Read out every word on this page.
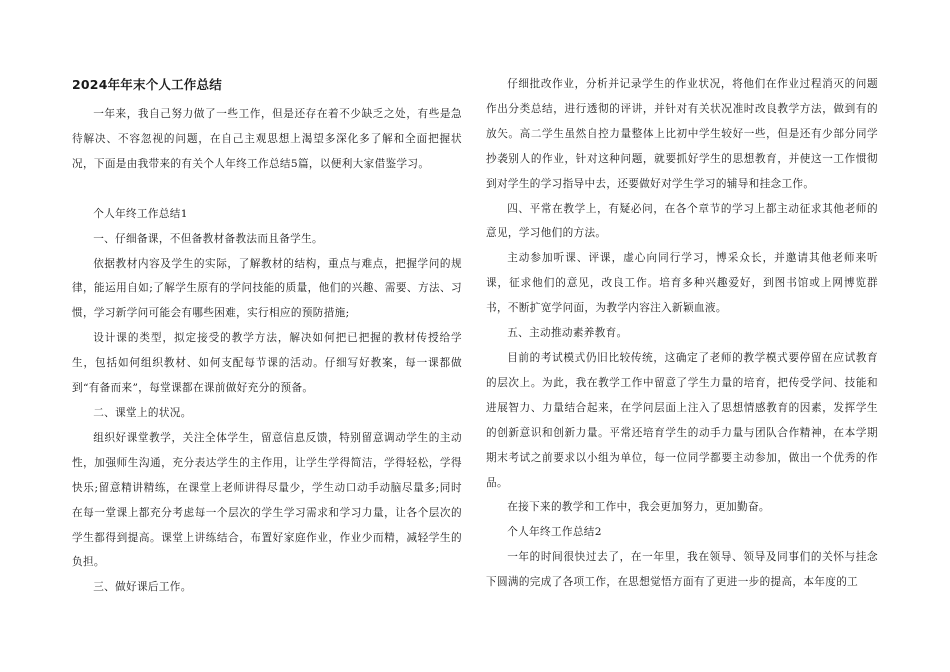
2024年年末个人工作总结

一年来，我自己努力做了一些工作，但是还存在着不少缺乏之处，有些是急待解决、不容忽视的问题，在自己主观思想上渴望多深化多了解和全面把握状况，下面是由我带来的有关个人年终工作总结5篇，以便利大家借鉴学习。

个人年终工作总结1

一、仔细备课，不但备教材备教法而且备学生。

依据教材内容及学生的实际，了解教材的结构，重点与难点，把握学问的规律，能运用自如;了解学生原有的学问技能的质量，他们的兴趣、需要、方法、习惯，学习新学问可能会有哪些困难，实行相应的预防措施;

设计课的类型，拟定接受的教学方法，解决如何把已把握的教材传授给学生，包括如何组织教材、如何支配每节课的活动。仔细写好教案，每一课都做到“有备而来”，每堂课都在课前做好充分的预备。

二、课堂上的状况。

组织好课堂教学，关注全体学生，留意信息反馈，特别留意调动学生的主动性，加强师生沟通，充分表达学生的主作用，让学生学得简洁，学得轻松，学得快乐;留意精讲精练，在课堂上老师讲得尽量少，学生动口动手动脑尽量多;同时在每一堂课上都充分考虑每一个层次的学生学习需求和学习力量，让各个层次的学生都得到提高。课堂上讲练结合，布置好家庭作业，作业少而精，减轻学生的负担。

三、做好课后工作。

仔细批改作业，分析并记录学生的作业状况，将他们在作业过程消灭的问题作出分类总结，进行透彻的评讲，并针对有关状况准时改良教学方法，做到有的放矢。高二学生虽然自控力量整体上比初中学生较好一些，但是还有少部分同学抄袭别人的作业，针对这种问题，就要抓好学生的思想教育，并使这一工作惯彻到对学生的学习指导中去，还要做好对学生学习的辅导和挂念工作。

四、平常在教学上，有疑必问，在各个章节的学习上都主动征求其他老师的意见，学习他们的方法。

主动参加听课、评课，虚心向同行学习，博采众长，并邀请其他老师来听课，征求他们的意见，改良工作。培育多种兴趣爱好，到图书馆或上网博览群书，不断扩宽学问面，为教学内容注入新颖血液。

五、主动推动素养教育。

目前的考试模式仍旧比较传统，这确定了老师的教学模式要停留在应试教育的层次上。为此，我在教学工作中留意了学生力量的培育，把传受学问、技能和进展智力、力量结合起来，在学问层面上注入了思想情感教育的因素，发挥学生的创新意识和创新力量。平常还培育学生的动手力量与团队合作精神，在本学期期末考试之前要求以小组为单位，每一位同学都要主动参加，做出一个优秀的作品。

在接下来的教学和工作中，我会更加努力，更加勤奋。

个人年终工作总结2

一年的时间很快过去了，在一年里，我在领导、领导及同事们的关怀与挂念下圆满的完成了各项工作，在思想觉悟方面有了更进一步的提高，本年度的工
